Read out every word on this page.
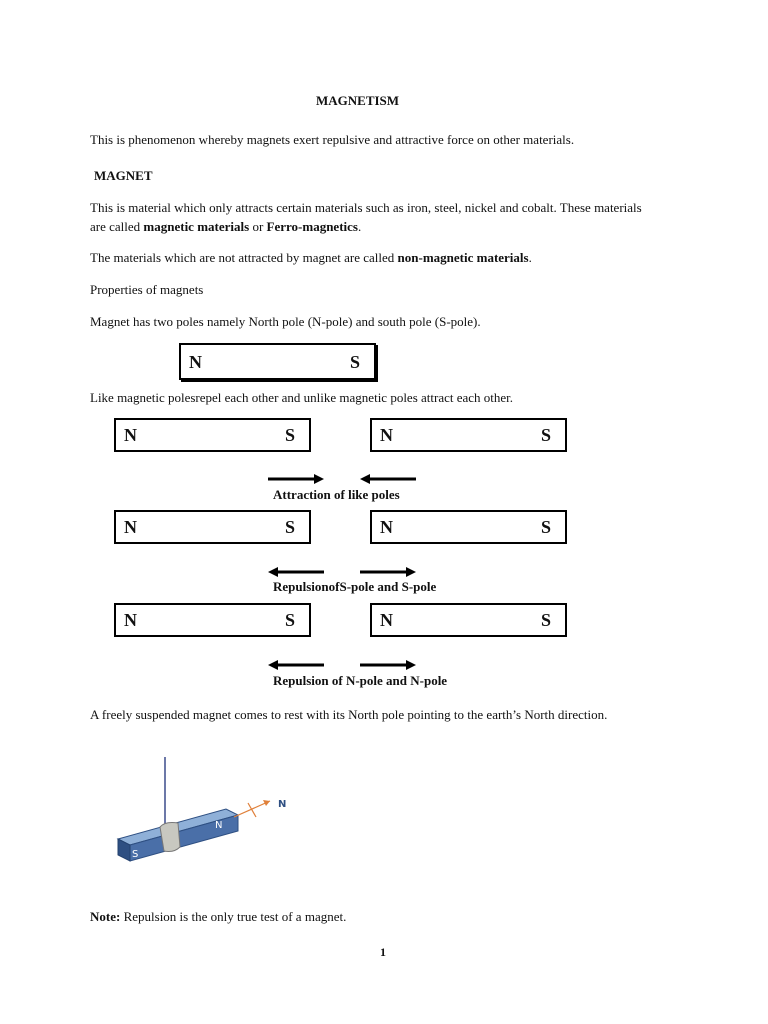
MAGNETISM
This is phenomenon whereby magnets exert repulsive and attractive force on other materials.
MAGNET
This is material which only attracts certain materials such as iron, steel, nickel and cobalt. These materials
are called magnetic materials or Ferro-magnetics.
The materials which are not attracted by magnet are called non-magnetic materials.
Properties of magnets
Magnet has two poles namely North pole (N-pole) and south pole (S-pole).
N	S
Like magnetic polesrepel each other and unlike magnetic poles attract each other.
N	S	N	S
Attraction of like poles
N	S	N	S
RepulsionofS-pole and S-pole
N	S	N	S
Repulsion of N-pole and N-pole
A freely suspended magnet comes to rest with its North pole pointing to the earth’s North direction.
S
N
N
Note: Repulsion is the only true test of a magnet.
1
